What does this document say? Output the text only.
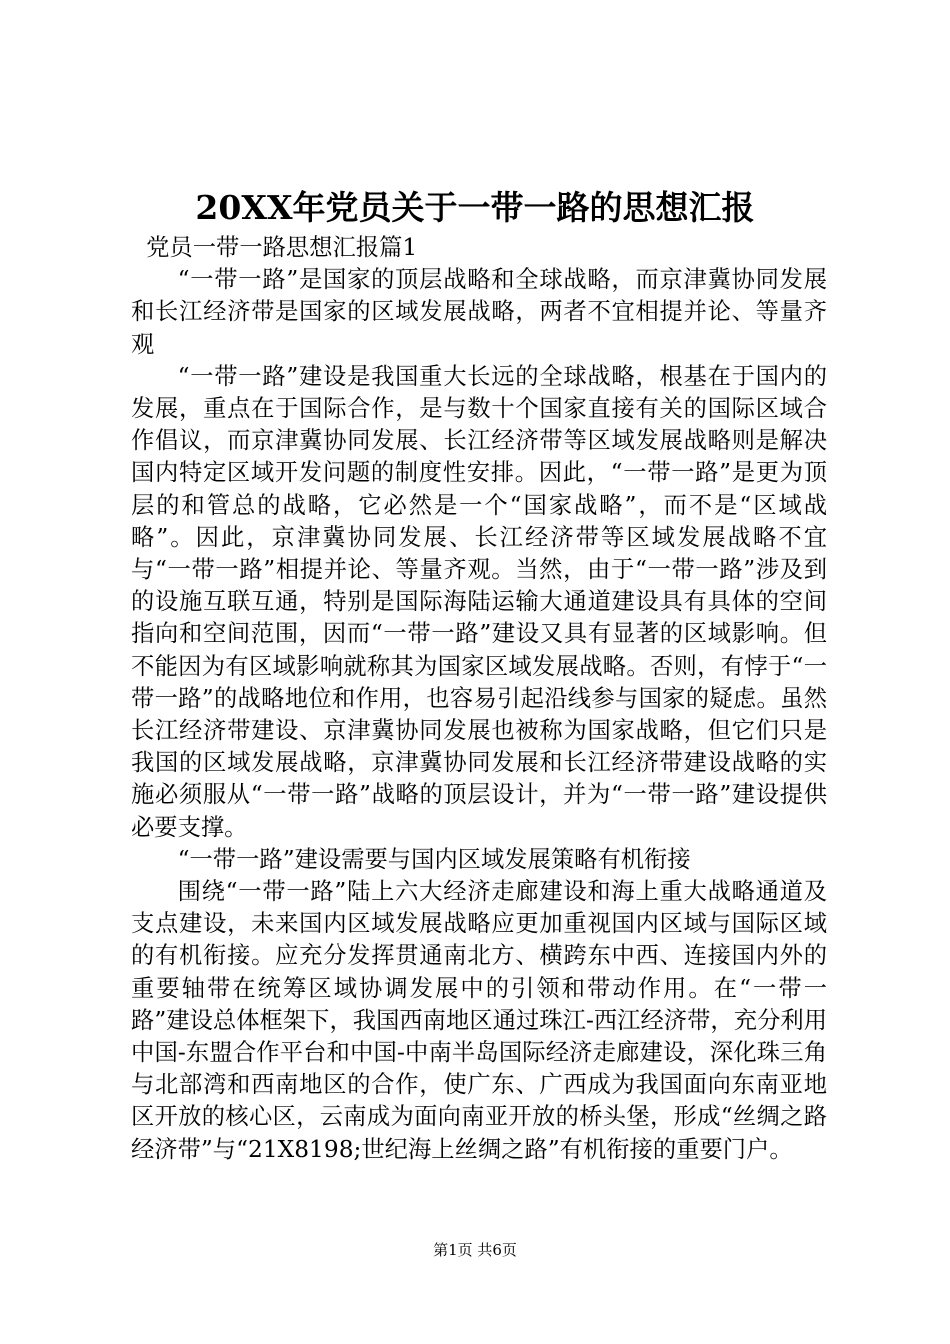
20XX年党员关于一带一路的思想汇报

党员一带一路思想汇报篇1

“一带一路”是国家的顶层战略和全球战略，而京津冀协同发展和长江经济带是国家的区域发展战略，两者不宜相提并论、等量齐观

“一带一路”建设是我国重大长远的全球战略，根基在于国内的发展，重点在于国际合作，是与数十个国家直接有关的国际区域合作倡议，而京津冀协同发展、长江经济带等区域发展战略则是解决国内特定区域开发问题的制度性安排。因此，“一带一路”是更为顶层的和管总的战略，它必然是一个“国家战略”，而不是“区域战略”。因此，京津冀协同发展、长江经济带等区域发展战略不宜与“一带一路”相提并论、等量齐观。当然，由于“一带一路”涉及到的设施互联互通，特别是国际海陆运输大通道建设具有具体的空间指向和空间范围，因而“一带一路”建设又具有显著的区域影响。但不能因为有区域影响就称其为国家区域发展战略。否则，有悖于“一带一路”的战略地位和作用，也容易引起沿线参与国家的疑虑。虽然长江经济带建设、京津冀协同发展也被称为国家战略，但它们只是我国的区域发展战略，京津冀协同发展和长江经济带建设战略的实施必须服从“一带一路”战略的顶层设计，并为“一带一路”建设提供必要支撑。

“一带一路”建设需要与国内区域发展策略有机衔接

围绕“一带一路”陆上六大经济走廊建设和海上重大战略通道及支点建设，未来国内区域发展战略应更加重视国内区域与国际区域的有机衔接。应充分发挥贯通南北方、横跨东中西、连接国内外的重要轴带在统筹区域协调发展中的引领和带动作用。在“一带一路”建设总体框架下，我国西南地区通过珠江-西江经济带，充分利用中国-东盟合作平台和中国-中南半岛国际经济走廊建设，深化珠三角与北部湾和西南地区的合作，使广东、广西成为我国面向东南亚地区开放的核心区，云南成为面向南亚开放的桥头堡，形成“丝绸之路经济带”与“21X8198;世纪海上丝绸之路”有机衔接的重要门户。

第1页 共6页
